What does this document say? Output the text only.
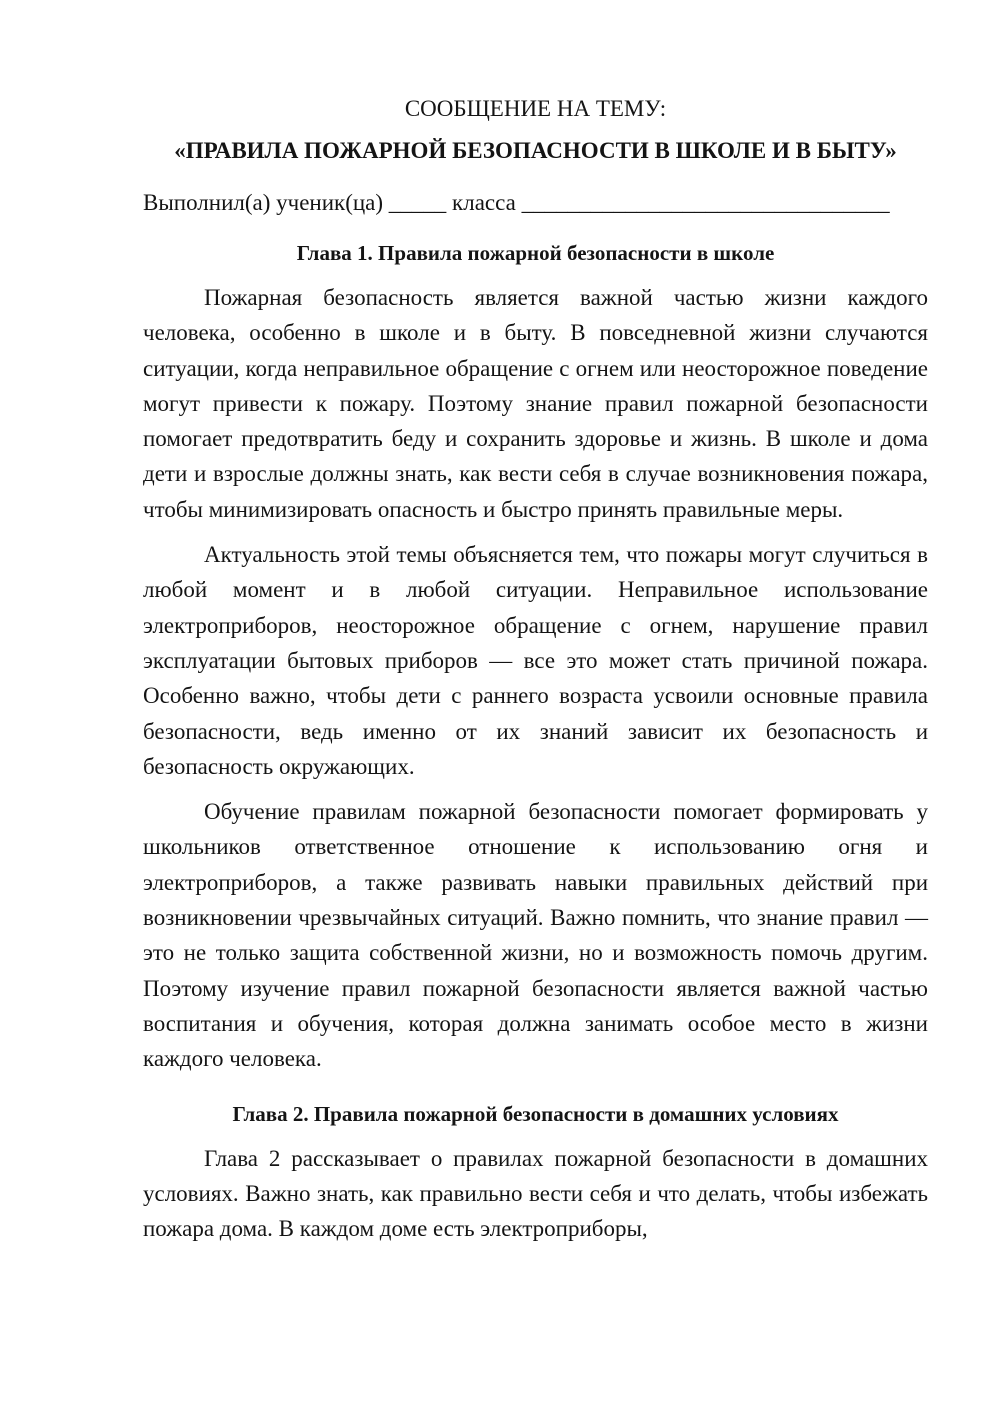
СООБЩЕНИЕ НА ТЕМУ:
«ПРАВИЛА ПОЖАРНОЙ БЕЗОПАСНОСТИ В ШКОЛЕ И В БЫТУ»
Выполнил(а) ученик(ца) _____ класса ________________________________
Глава 1. Правила пожарной безопасности в школе

Пожарная безопасность является важной частью жизни каждого человека, особенно в школе и в быту. В повседневной жизни случаются ситуации, когда неправильное обращение с огнем или неосторожное поведение могут привести к пожару. Поэтому знание правил пожарной безопасности помогает предотвратить беду и сохранить здоровье и жизнь. В школе и дома дети и взрослые должны знать, как вести себя в случае возникновения пожара, чтобы минимизировать опасность и быстро принять правильные меры.

Актуальность этой темы объясняется тем, что пожары могут случиться в любой момент и в любой ситуации. Неправильное использование электроприборов, неосторожное обращение с огнем, нарушение правил эксплуатации бытовых приборов — все это может стать причиной пожара. Особенно важно, чтобы дети с раннего возраста усвоили основные правила безопасности, ведь именно от их знаний зависит их безопасность и безопасность окружающих.

Обучение правилам пожарной безопасности помогает формировать у школьников ответственное отношение к использованию огня и электроприборов, а также развивать навыки правильных действий при возникновении чрезвычайных ситуаций. Важно помнить, что знание правил — это не только защита собственной жизни, но и возможность помочь другим. Поэтому изучение правил пожарной безопасности является важной частью воспитания и обучения, которая должна занимать особое место в жизни каждого человека.

Глава 2. Правила пожарной безопасности в домашних условиях

Глава 2 рассказывает о правилах пожарной безопасности в домашних условиях. Важно знать, как правильно вести себя и что делать, чтобы избежать пожара дома. В каждом доме есть электроприборы,
